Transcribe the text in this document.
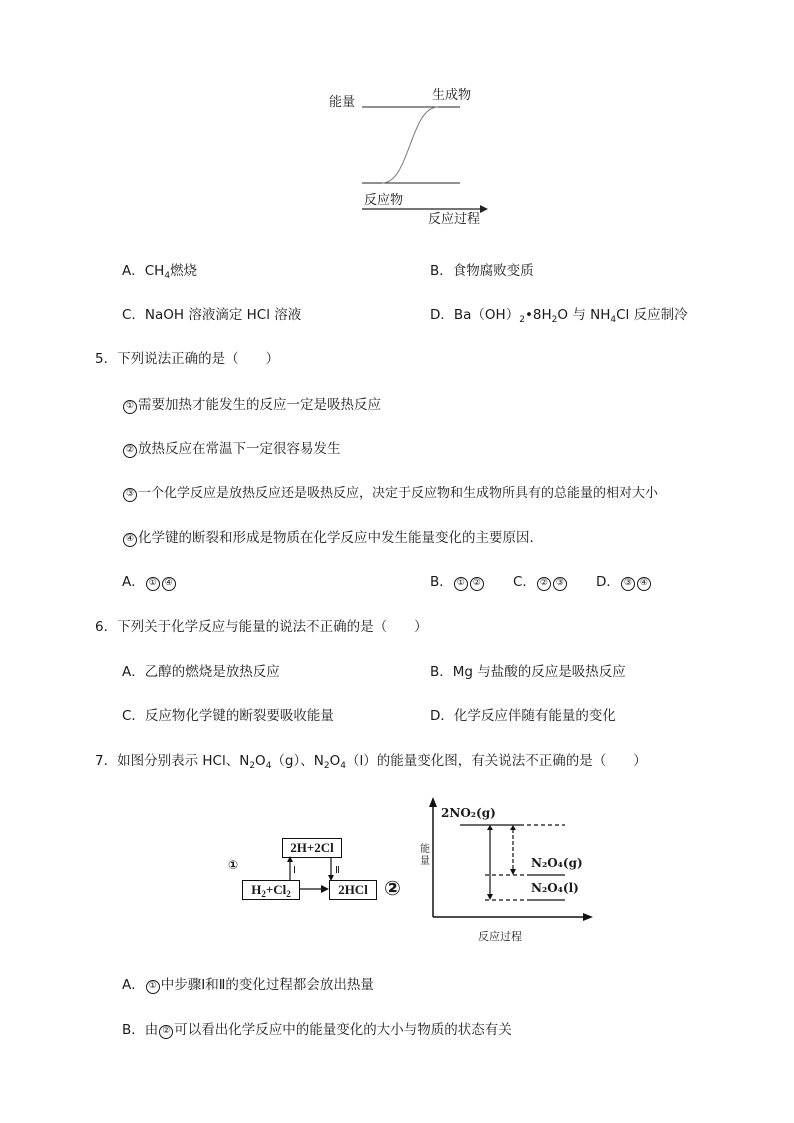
能量	生成物
反应物
反应过程
A．$CH_4$燃烧	B．食物腐败变质
C．NaOH 溶液滴定 HCl 溶液	D．$Ba(OH)_2•8H_2O$ 与 $NH_4Cl$ 反应制冷
5．下列说法正确的是（　　）
① 需要加热才能发生的反应一定是吸热反应
② 放热反应在常温下一定很容易发生
③ 一个化学反应是放热反应还是吸热反应，决定于反应物和生成物所具有的总能量的相对大小
④ 化学键的断裂和形成是物质在化学反应中发生能量变化的主要原因．
A． ① ④	B． ① ② C． ② ③ D． ③ ④
6．下列关于化学反应与能量的说法不正确的是（　　）
A．乙醇的燃烧是放热反应	B．Mg 与盐酸的反应是吸热反应
C．反应物化学键的断裂要吸收能量	D．化学反应伴随有能量的变化
7．如图分别表示 HCl、$N_2O_4(g)$、$N_2O_4(l)$的能量变化图，有关说法不正确的是（　　）
①
2H+2Cl
$H_2+Cl_2$	2HCl
Ⅰ	Ⅱ
②
能
量
反应过程
2NO₂(g)
N₂O₄(g)
N₂O₄(l)
A． ① 中步骤Ⅰ和Ⅱ的变化过程都会放出热量
B．由 ② 可以看出化学反应中的能量变化的大小与物质的状态有关
